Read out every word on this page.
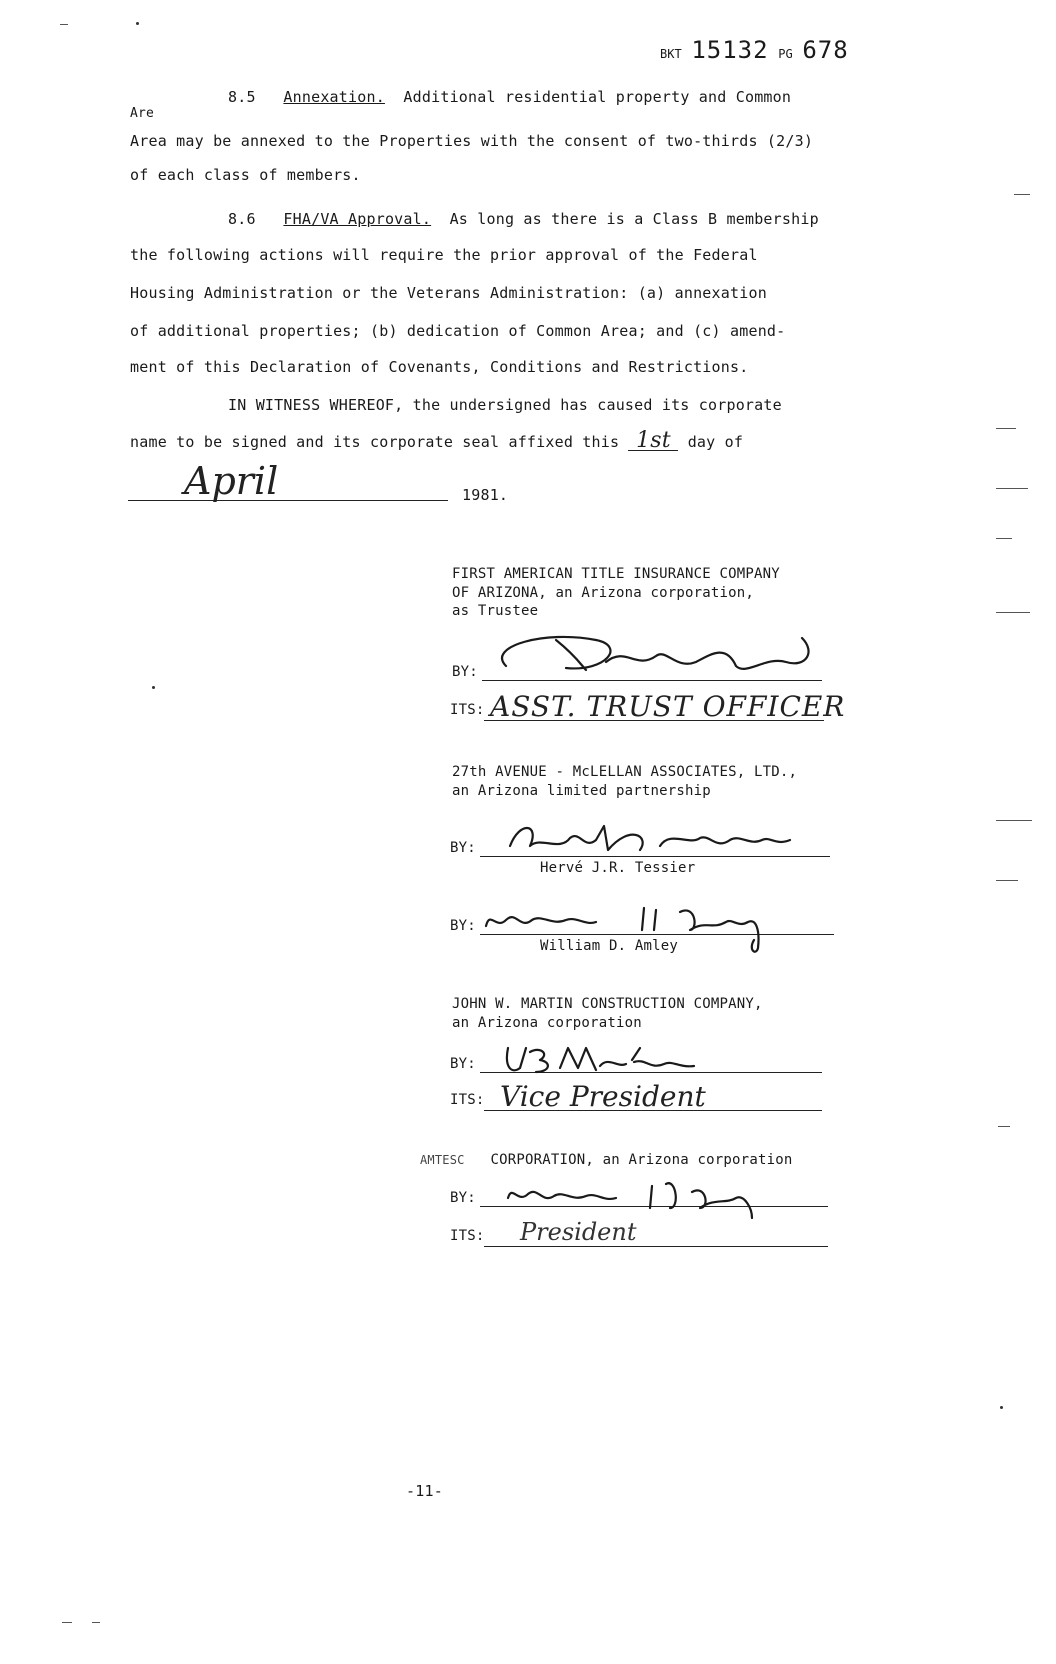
BKT 15132 PG 678
8.5 Annexation. Additional residential property and Common
Are
Area may be annexed to the Properties with the consent of two-thirds (2/3)
of each class of members.
8.6 FHA/VA Approval. As long as there is a Class B membership
the following actions will require the prior approval of the Federal
Housing Administration or the Veterans Administration: (a) annexation
of additional properties; (b) dedication of Common Area; and (c) amend-
ment of this Declaration of Covenants, Conditions and Restrictions.
IN WITNESS WHEREOF, the undersigned has caused its corporate
name to be signed and its corporate seal affixed this 1st day of
April	1981.
FIRST AMERICAN TITLE INSURANCE COMPANY
OF ARIZONA, an Arizona corporation,
as Trustee
BY:
ITS: ASST. TRUST OFFICER
27th AVENUE - McLELLAN ASSOCIATES, LTD.,
an Arizona limited partnership
BY:
Hervé J.R. Tessier
BY:
William D. Amley
JOHN W. MARTIN CONSTRUCTION COMPANY,
an Arizona corporation
BY:
ITS: Vice President
AMTESC CORPORATION, an Arizona corporation
BY:
ITS: President
-11-
